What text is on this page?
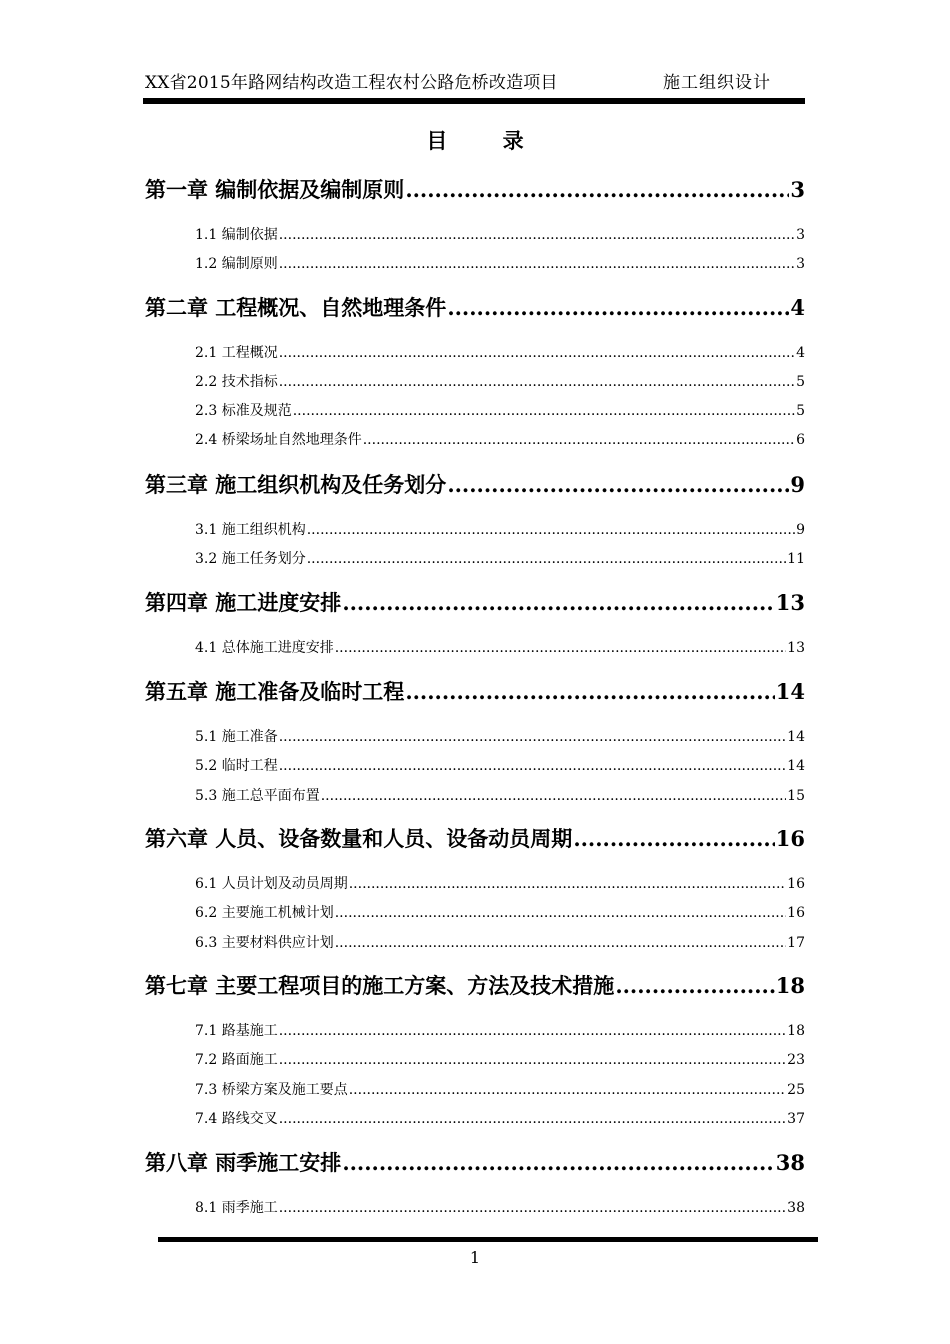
XX省2015年路网结构改造工程农村公路危桥改造项目	施工组织设计
目 录
第一章 编制依据及编制原则 .....	3
1.1 编制依据 .....	3
1.2 编制原则 .....	3
第二章 工程概况、自然地理条件 .....	4
2.1 工程概况 .....	4
2.2 技术指标 .....	5
2.3 标准及规范 .....	5
2.4 桥梁场址自然地理条件 .....	6
第三章 施工组织机构及任务划分 .....	9
3.1 施工组织机构 .....	9
3.2 施工任务划分 .....	11
第四章 施工进度安排 .....	13
4.1 总体施工进度安排 .....	13
第五章 施工准备及临时工程 .....	14
5.1 施工准备 .....	14
5.2 临时工程 .....	14
5.3 施工总平面布置 .....	15
第六章 人员、设备数量和人员、设备动员周期 .....	16
6.1 人员计划及动员周期 .....	16
6.2 主要施工机械计划 .....	16
6.3 主要材料供应计划 .....	17
第七章 主要工程项目的施工方案、方法及技术措施 .....	18
7.1 路基施工 .....	18
7.2 路面施工 .....	23
7.3 桥梁方案及施工要点 .....	25
7.4 路线交叉 .....	37
第八章 雨季施工安排 .....	38
8.1 雨季施工 .....	38
1
